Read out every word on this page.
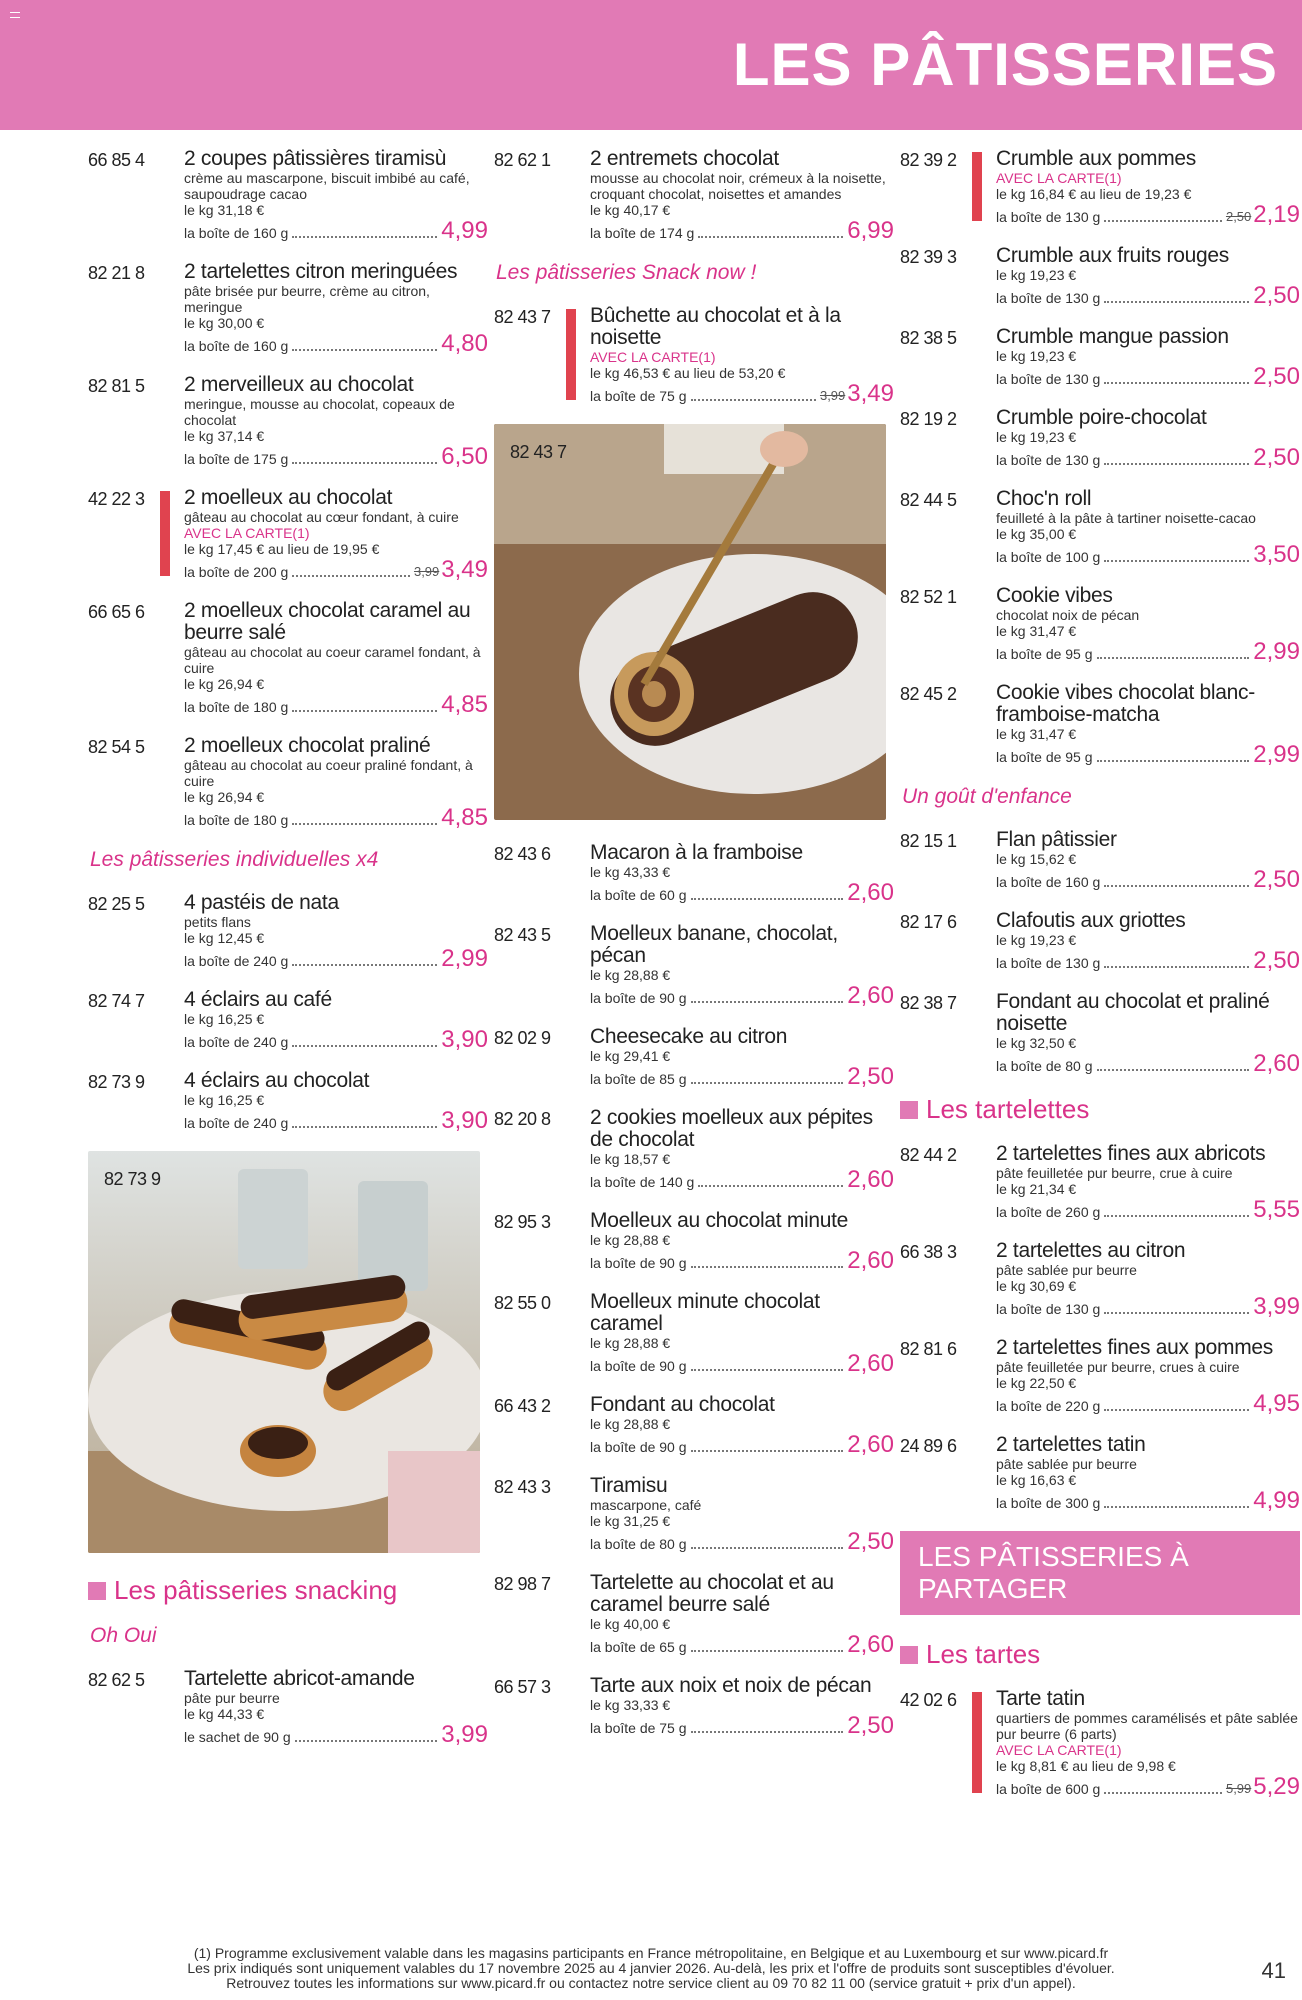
LES PÂTISSERIES
66 85 4 2 coupes pâtissières tiramisù
crème au mascarpone, biscuit imbibé au café, saupoudrage cacao
le kg 31,18 €
la boîte de 160 g	4,99
82 21 8 2 tartelettes citron meringuées
pâte brisée pur beurre, crème au citron, meringue
le kg 30,00 €
la boîte de 160 g	4,80
82 81 5 2 merveilleux au chocolat
meringue, mousse au chocolat, copeaux de chocolat
le kg 37,14 €
la boîte de 175 g	6,50
42 22 3 2 moelleux au chocolat
gâteau au chocolat au cœur fondant, à cuire
AVEC LA CARTE(1)
le kg 17,45 € au lieu de 19,95 €
la boîte de 200 g	3,99 3,49
66 65 6 2 moelleux chocolat caramel au beurre salé
gâteau au chocolat au coeur caramel fondant, à cuire
le kg 26,94 €
la boîte de 180 g	4,85
82 54 5 2 moelleux chocolat praliné
gâteau au chocolat au coeur praliné fondant, à cuire
le kg 26,94 €
la boîte de 180 g	4,85
Les pâtisseries individuelles x4
82 25 5 4 pastéis de nata
petits flans
le kg 12,45 €
la boîte de 240 g	2,99
82 74 7 4 éclairs au café
le kg 16,25 €
la boîte de 240 g	3,90
82 73 9 4 éclairs au chocolat
le kg 16,25 €
la boîte de 240 g	3,90
82 73 9
Les pâtisseries snacking
Oh Oui
82 62 5 Tartelette abricot-amande
pâte pur beurre
le kg 44,33 €
le sachet de 90 g	3,99
82 62 1 2 entremets chocolat
mousse au chocolat noir, crémeux à la noisette, croquant chocolat, noisettes et amandes
le kg 40,17 €
la boîte de 174 g	6,99
Les pâtisseries Snack now !
82 43 7 Bûchette au chocolat et à la noisette
AVEC LA CARTE(1)
le kg 46,53 € au lieu de 53,20 €
la boîte de 75 g	3,99 3,49
82 43 7
82 43 6 Macaron à la framboise
le kg 43,33 €
la boîte de 60 g	2,60
82 43 5 Moelleux banane, chocolat, pécan
le kg 28,88 €
la boîte de 90 g	2,60
82 02 9 Cheesecake au citron
le kg 29,41 €
la boîte de 85 g	2,50
82 20 8 2 cookies moelleux aux pépites de chocolat
le kg 18,57 €
la boîte de 140 g	2,60
82 95 3 Moelleux au chocolat minute
le kg 28,88 €
la boîte de 90 g	2,60
82 55 0 Moelleux minute chocolat caramel
le kg 28,88 €
la boîte de 90 g	2,60
66 43 2 Fondant au chocolat
le kg 28,88 €
la boîte de 90 g	2,60
82 43 3 Tiramisu
mascarpone, café
le kg 31,25 €
la boîte de 80 g	2,50
82 98 7 Tartelette au chocolat et au caramel beurre salé
le kg 40,00 €
la boîte de 65 g	2,60
66 57 3 Tarte aux noix et noix de pécan
le kg 33,33 €
la boîte de 75 g	2,50
82 39 2 Crumble aux pommes
AVEC LA CARTE(1)
le kg 16,84 € au lieu de 19,23 €
la boîte de 130 g	2,50 2,19
82 39 3 Crumble aux fruits rouges
le kg 19,23 €
la boîte de 130 g	2,50
82 38 5 Crumble mangue passion
le kg 19,23 €
la boîte de 130 g	2,50
82 19 2 Crumble poire-chocolat
le kg 19,23 €
la boîte de 130 g	2,50
82 44 5 Choc'n roll
feuilleté à la pâte à tartiner noisette-cacao
le kg 35,00 €
la boîte de 100 g	3,50
82 52 1 Cookie vibes
chocolat noix de pécan
le kg 31,47 €
la boîte de 95 g	2,99
82 45 2 Cookie vibes chocolat blanc-framboise-matcha
le kg 31,47 €
la boîte de 95 g	2,99
Un goût d'enfance
82 15 1 Flan pâtissier
le kg 15,62 €
la boîte de 160 g	2,50
82 17 6 Clafoutis aux griottes
le kg 19,23 €
la boîte de 130 g	2,50
82 38 7 Fondant au chocolat et praliné noisette
le kg 32,50 €
la boîte de 80 g	2,60
Les tartelettes
82 44 2 2 tartelettes fines aux abricots
pâte feuilletée pur beurre, crue à cuire
le kg 21,34 €
la boîte de 260 g	5,55
66 38 3 2 tartelettes au citron
pâte sablée pur beurre
le kg 30,69 €
la boîte de 130 g	3,99
82 81 6 2 tartelettes fines aux pommes
pâte feuilletée pur beurre, crues à cuire
le kg 22,50 €
la boîte de 220 g	4,95
24 89 6 2 tartelettes tatin
pâte sablée pur beurre
le kg 16,63 €
la boîte de 300 g	4,99
LES PÂTISSERIES À PARTAGER
Les tartes
42 02 6 Tarte tatin
quartiers de pommes caramélisés et pâte sablée pur beurre (6 parts)
AVEC LA CARTE(1)
le kg 8,81 € au lieu de 9,98 €
la boîte de 600 g	5,99 5,29
(1) Programme exclusivement valable dans les magasins participants en France métropolitaine, en Belgique et au Luxembourg et sur www.picard.fr
Les prix indiqués sont uniquement valables du 17 novembre 2025 au 4 janvier 2026. Au-delà, les prix et l'offre de produits sont susceptibles d'évoluer.
Retrouvez toutes les informations sur www.picard.fr ou contactez notre service client au 09 70 82 11 00 (service gratuit + prix d'un appel).	41
